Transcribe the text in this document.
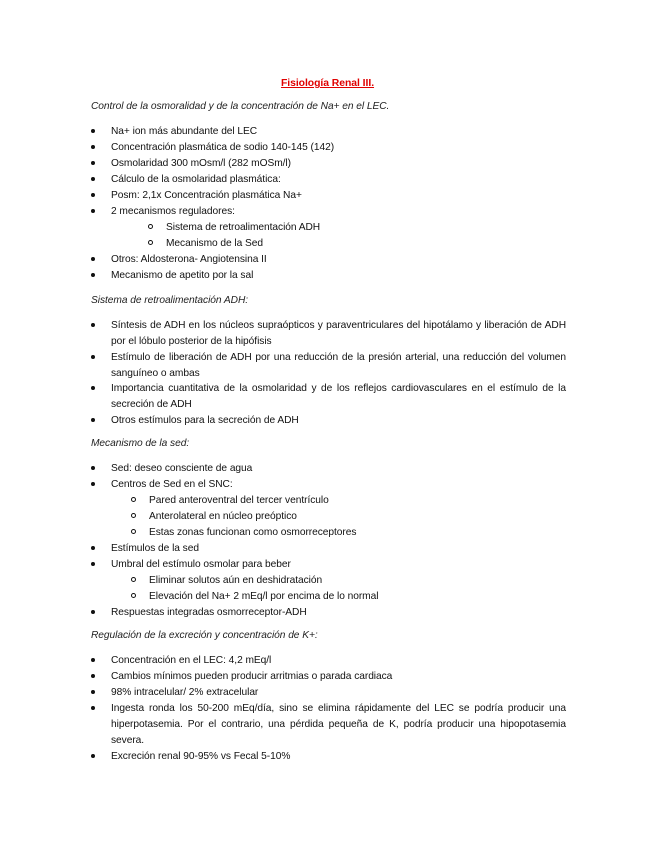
Fisiología Renal III.
Control de la osmoralidad y de la concentración de Na+ en el LEC.
Na+ ion más abundante del LEC
Concentración plasmática de sodio 140-145 (142)
Osmolaridad 300 mOsm/l (282 mOSm/l)
Cálculo de la osmolaridad plasmática:
Posm: 2,1x Concentración plasmática Na+
2 mecanismos reguladores:
Sistema de retroalimentación ADH
Mecanismo de la Sed
Otros: Aldosterona- Angiotensina II
Mecanismo de apetito por la sal
Sistema de retroalimentación ADH:
Síntesis de ADH en los núcleos supraópticos y paraventriculares del hipotálamo y liberación de ADH por el lóbulo posterior de la hipófisis
Estímulo de liberación de ADH por una reducción de la presión arterial, una reducción del volumen sanguíneo o ambas
Importancia cuantitativa de la osmolaridad y de los reflejos cardiovasculares en el estímulo de la secreción de ADH
Otros estímulos para la secreción de ADH
Mecanismo de la sed:
Sed: deseo consciente de agua
Centros de Sed en el SNC:
Pared anteroventral del tercer ventrículo
Anterolateral en núcleo preóptico
Estas zonas funcionan como osmorreceptores
Estímulos de la sed
Umbral del estímulo osmolar para beber
Eliminar solutos aún en deshidratación
Elevación del Na+ 2 mEq/l por encima de lo normal
Respuestas integradas osmorreceptor-ADH
Regulación de la excreción y concentración de K+:
Concentración en el LEC: 4,2 mEq/l
Cambios mínimos pueden producir arritmias o parada cardiaca
98% intracelular/ 2% extracelular
Ingesta ronda los 50-200 mEq/día, sino se elimina rápidamente del LEC se podría producir una hiperpotasemia. Por el contrario, una pérdida pequeña de K, podría producir una hipopotasemia severa.
Excreción renal 90-95% vs Fecal 5-10%
